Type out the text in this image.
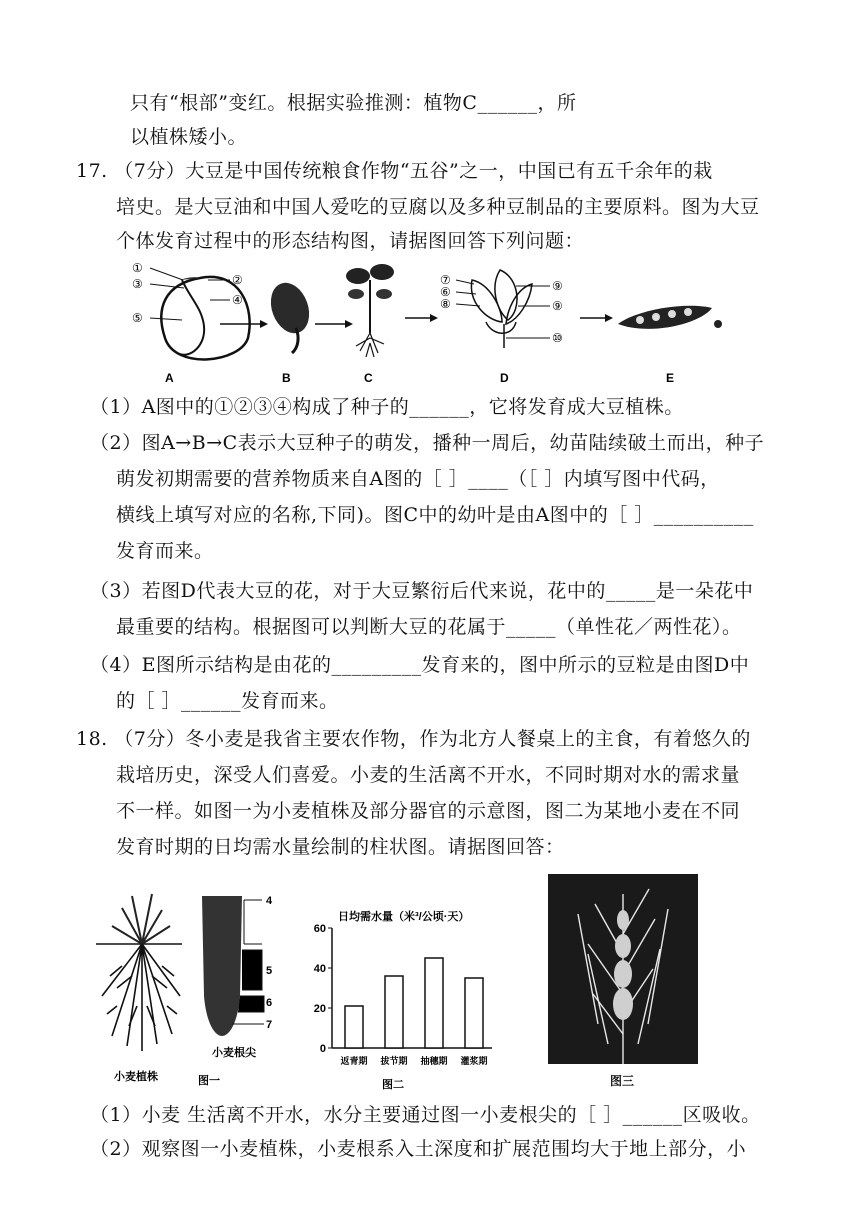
只有“根部”变红。根据实验推测：植物C______，所
以植株矮小。
17. （7分）大豆是中国传统粮食作物“五谷”之一，中国已有五千余年的栽
培史。是大豆油和中国人爱吃的豆腐以及多种豆制品的主要原料。图为大豆
个体发育过程中的形态结构图，请据图回答下列问题：
①
③
⑤
②
④
⑦
⑥
⑧
⑨
⑨
⑩
A	B	C	D	E
（1）A图中的①②③④构成了种子的______，它将发育成大豆植株。
（2）图A→B→C表示大豆种子的萌发，播种一周后，幼苗陆续破土而出，种子
萌发初期需要的营养物质来自A图的［ ］____（［ ］内填写图中代码，
横线上填写对应的名称,下同)。图C中的幼叶是由A图中的［ ］__________
发育而来。
（3）若图D代表大豆的花，对于大豆繁衍后代来说，花中的_____是一朵花中
最重要的结构。根据图可以判断大豆的花属于_____（单性花／两性花）。
（4）E图所示结构是由花的_________发育来的，图中所示的豆粒是由图D中
的［ ］______发育而来。
18. （7分）冬小麦是我省主要农作物，作为北方人餐桌上的主食，有着悠久的
栽培历史，深受人们喜爱。小麦的生活离不开水，不同时期对水的需求量
不一样。如图一为小麦植株及部分器官的示意图，图二为某地小麦在不同
发育时期的日均需水量绘制的柱状图。请据图回答：
4
5
6
7
小麦根尖
小麦植株	图一
日均需水量（米³/公顷·天）
0
20
40
60
返青期 拔节期 抽穗期 灌浆期
图二	图三
（1）小麦 生活离不开水，水分主要通过图一小麦根尖的［ ］______区吸收。
（2）观察图一小麦植株，小麦根系入土深度和扩展范围均大于地上部分，小
